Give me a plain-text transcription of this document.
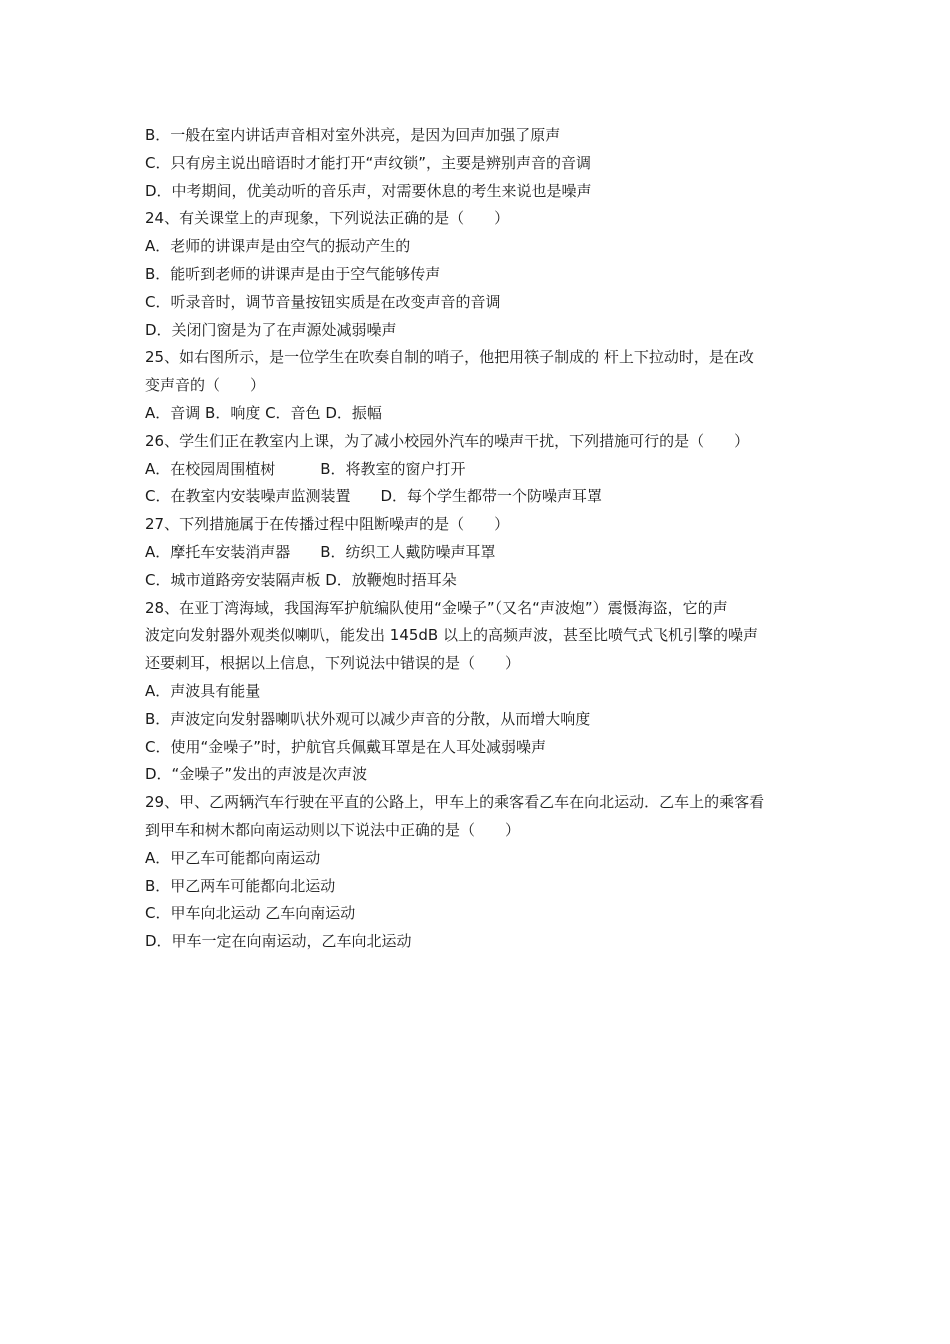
B．一般在室内讲话声音相对室外洪亮，是因为回声加强了原声
C．只有房主说出暗语时才能打开“声纹锁”，主要是辨别声音的音调
D．中考期间，优美动听的音乐声，对需要休息的考生来说也是噪声
24、有关课堂上的声现象，下列说法正确的是（　　）
A．老师的讲课声是由空气的振动产生的
B．能听到老师的讲课声是由于空气能够传声
C．听录音时，调节音量按钮实质是在改变声音的音调
D．关闭门窗是为了在声源处减弱噪声
25、如右图所示，是一位学生在吹奏自制的哨子，他把用筷子制成的 杆上下拉动时，是在改
变声音的（　　）
A．音调 B．响度 C．音色 D．振幅
26、学生们正在教室内上课，为了减小校园外汽车的噪声干扰，下列措施可行的是（　　）
A．在校园周围植树　　　B．将教室的窗户打开
C．在教室内安装噪声监测装置　　D．每个学生都带一个防噪声耳罩
27、下列措施属于在传播过程中阻断噪声的是（　　）
A．摩托车安装消声器　　B．纺织工人戴防噪声耳罩
C．城市道路旁安装隔声板 D．放鞭炮时捂耳朵
28、在亚丁湾海域，我国海军护航编队使用“金噪子”（又名“声波炮”）震慑海盗，它的声
波定向发射器外观类似喇叭，能发出 145dB 以上的高频声波，甚至比喷气式飞机引擎的噪声
还要刺耳，根据以上信息，下列说法中错误的是（　　）
A．声波具有能量
B．声波定向发射器喇叭状外观可以减少声音的分散，从而增大响度
C．使用“金噪子”时，护航官兵佩戴耳罩是在人耳处减弱噪声
D．“金噪子”发出的声波是次声波
29、甲、乙两辆汽车行驶在平直的公路上，甲车上的乘客看乙车在向北运动．乙车上的乘客看
到甲车和树木都向南运动则以下说法中正确的是（　　）
A．甲乙车可能都向南运动
B．甲乙两车可能都向北运动
C．甲车向北运动 乙车向南运动
D．甲车一定在向南运动，乙车向北运动
